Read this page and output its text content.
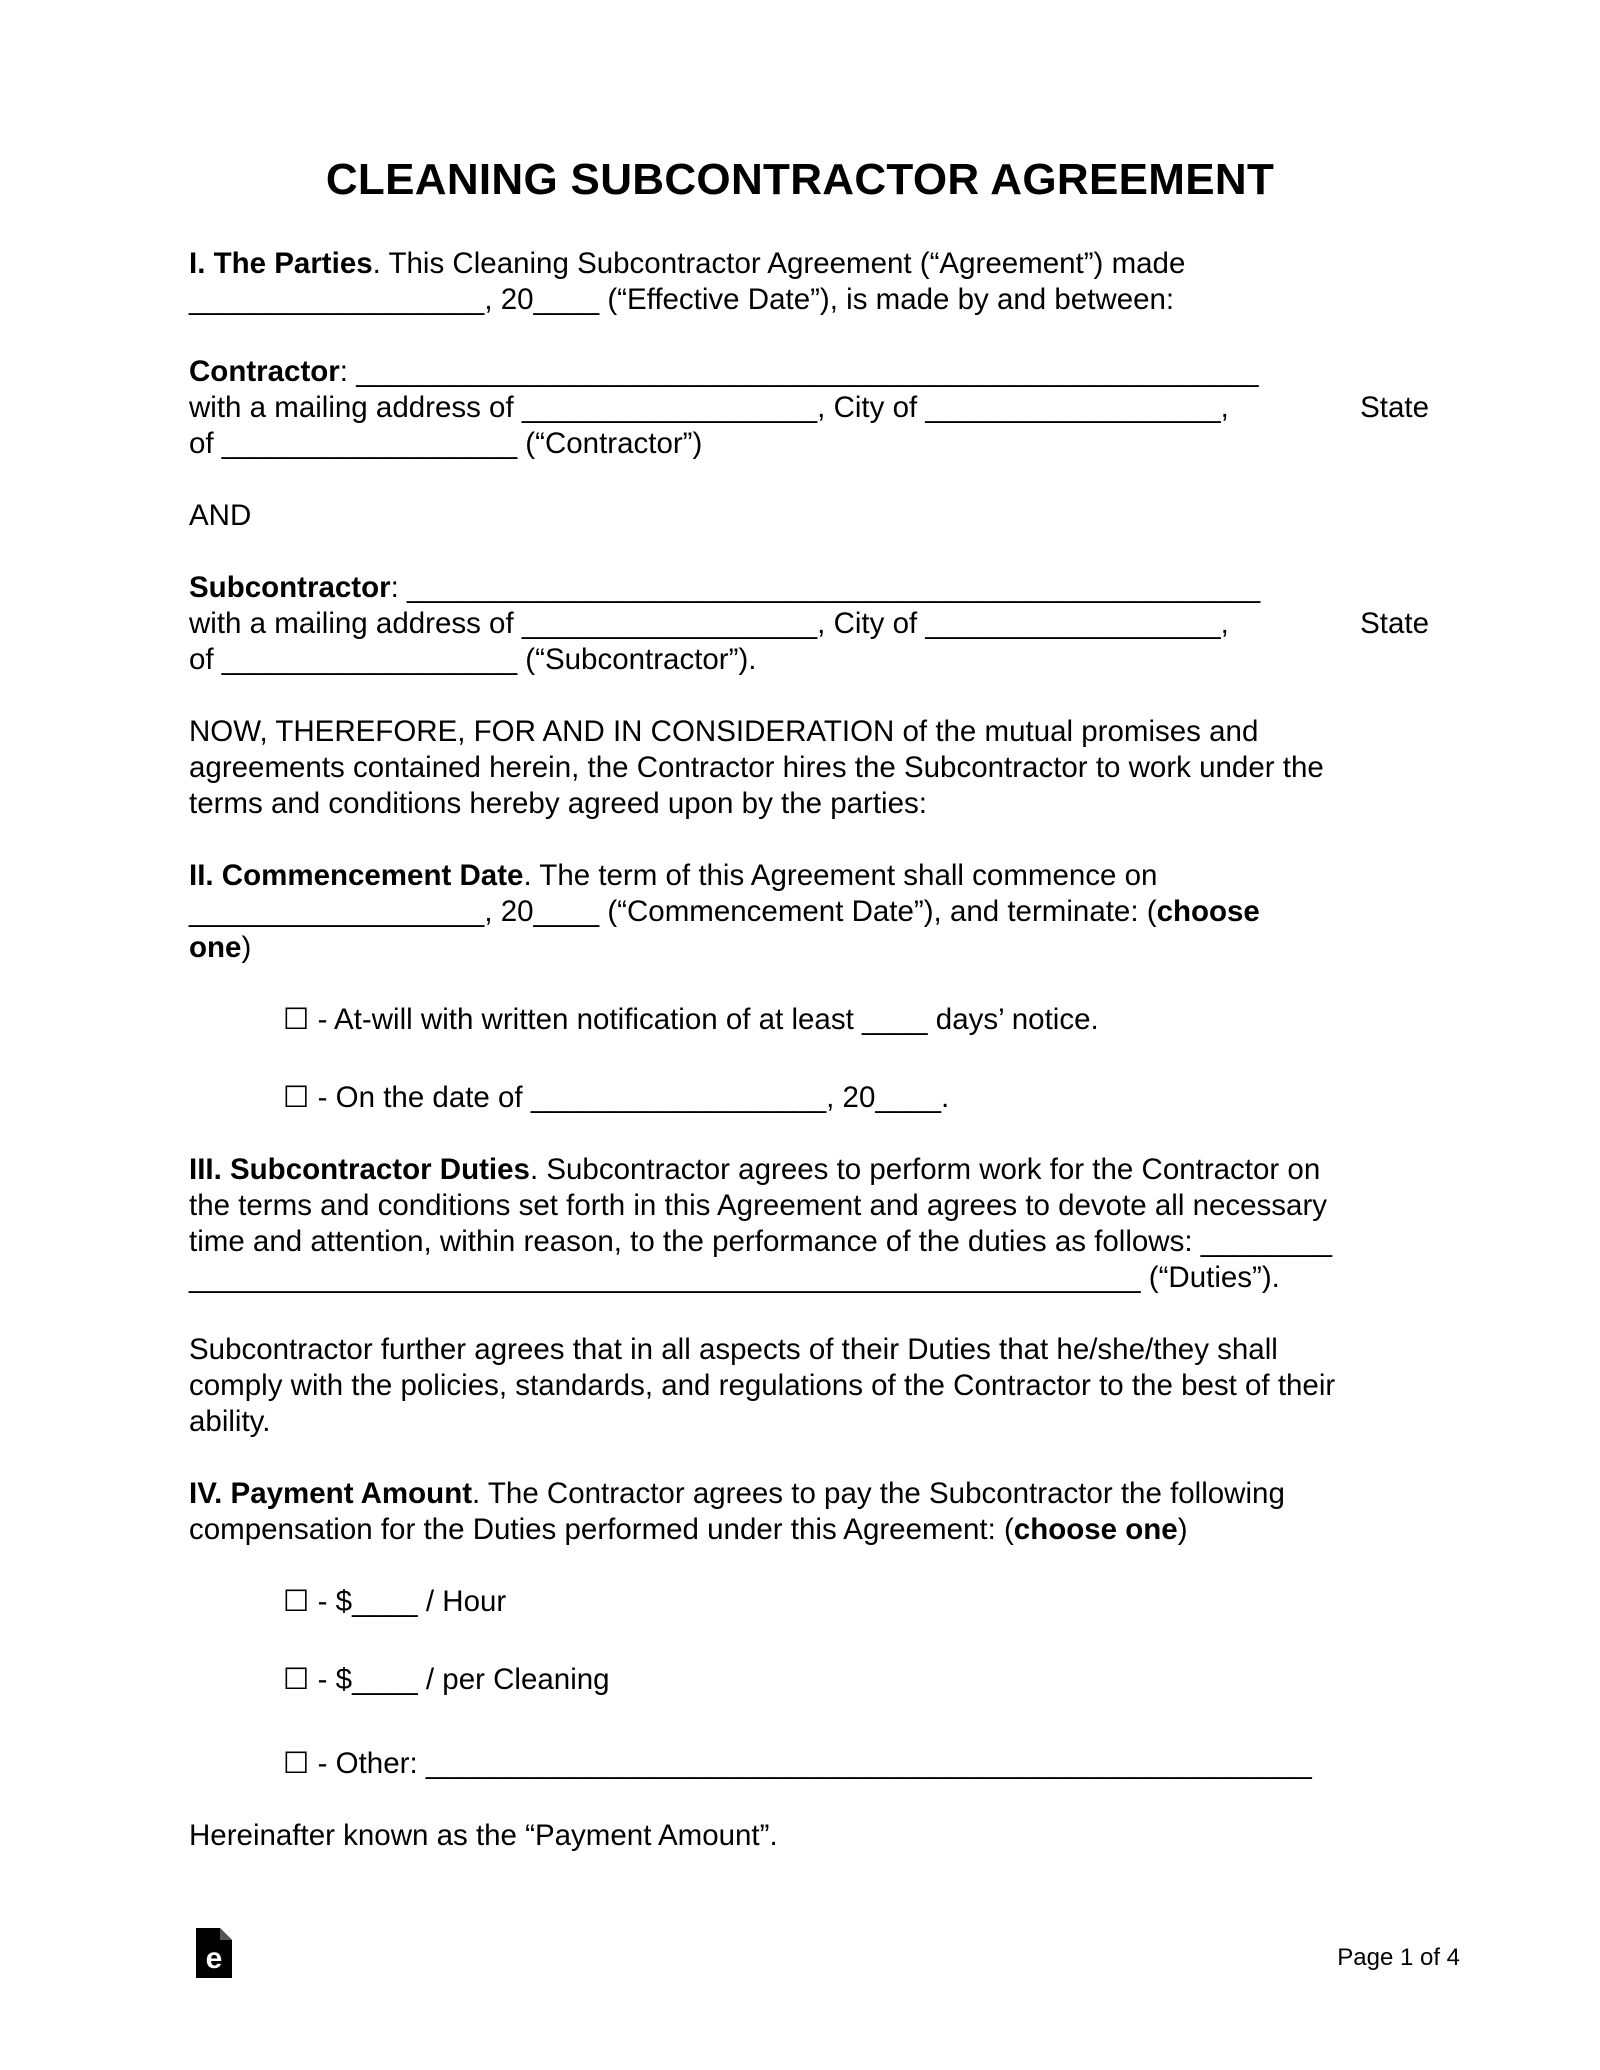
CLEANING SUBCONTRACTOR AGREEMENT
I. The Parties. This Cleaning Subcontractor Agreement (“Agreement”) made
__________________, 20____ (“Effective Date”), is made by and between:
Contractor: _______________________________________________________
with a mailing address of __________________, City of __________________,	State
of __________________ (“Contractor”)
AND
Subcontractor: ____________________________________________________
with a mailing address of __________________, City of __________________,	State
of __________________ (“Subcontractor”).
NOW, THEREFORE, FOR AND IN CONSIDERATION of the mutual promises and
agreements contained herein, the Contractor hires the Subcontractor to work under the
terms and conditions hereby agreed upon by the parties:
II. Commencement Date. The term of this Agreement shall commence on
__________________, 20____ (“Commencement Date”), and terminate: (choose
one)
☐ - At-will with written notification of at least ____ days’ notice.
☐ - On the date of __________________, 20____.
III. Subcontractor Duties. Subcontractor agrees to perform work for the Contractor on
the terms and conditions set forth in this Agreement and agrees to devote all necessary
time and attention, within reason, to the performance of the duties as follows: ________
__________________________________________________________ (“Duties”).
Subcontractor further agrees that in all aspects of their Duties that he/she/they shall
comply with the policies, standards, and regulations of the Contractor to the best of their
ability.
IV. Payment Amount. The Contractor agrees to pay the Subcontractor the following
compensation for the Duties performed under this Agreement: (choose one)
☐ - $____ / Hour
☐ - $____ / per Cleaning
☐ - Other: ______________________________________________________
Hereinafter known as the “Payment Amount”.
e	Page 1 of 4
